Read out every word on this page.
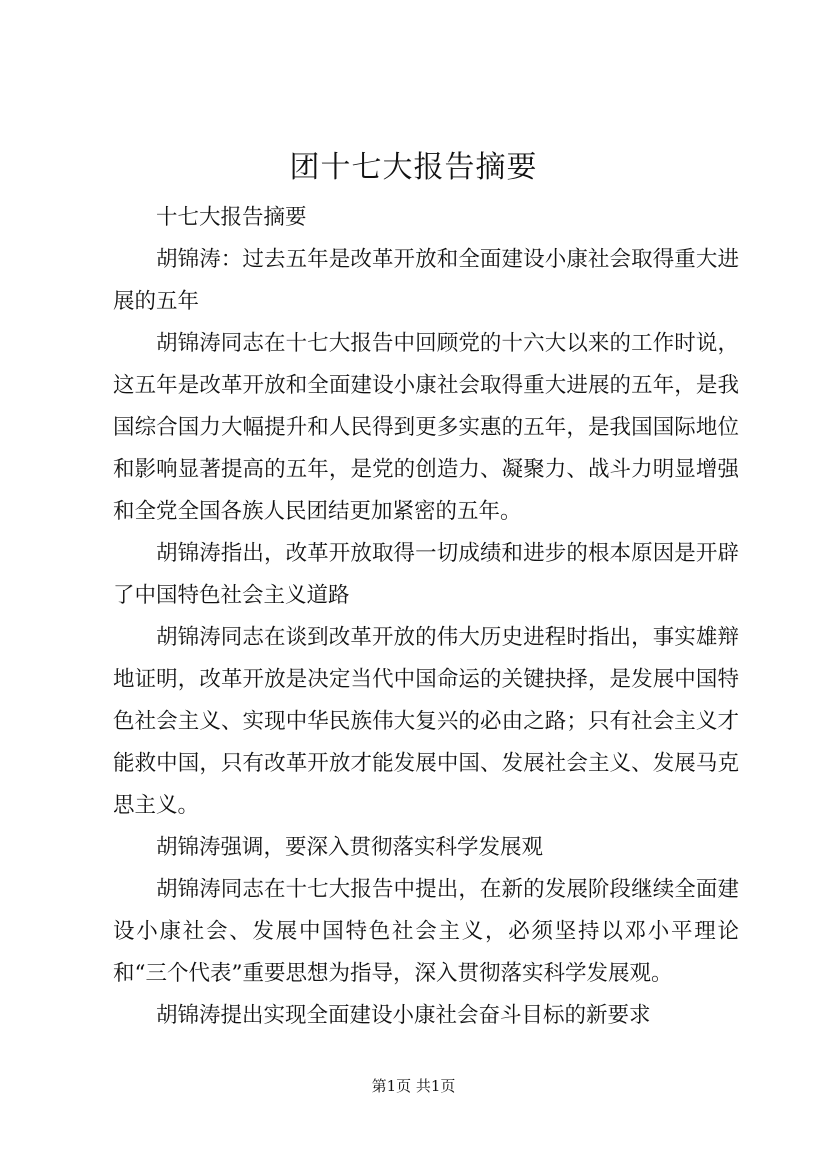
团十七大报告摘要

十七大报告摘要

胡锦涛：过去五年是改革开放和全面建设小康社会取得重大进展的五年

胡锦涛同志在十七大报告中回顾党的十六大以来的工作时说，这五年是改革开放和全面建设小康社会取得重大进展的五年，是我国综合国力大幅提升和人民得到更多实惠的五年，是我国国际地位和影响显著提高的五年，是党的创造力、凝聚力、战斗力明显增强和全党全国各族人民团结更加紧密的五年。

胡锦涛指出，改革开放取得一切成绩和进步的根本原因是开辟了中国特色社会主义道路

胡锦涛同志在谈到改革开放的伟大历史进程时指出，事实雄辩地证明，改革开放是决定当代中国命运的关键抉择，是发展中国特色社会主义、实现中华民族伟大复兴的必由之路；只有社会主义才能救中国，只有改革开放才能发展中国、发展社会主义、发展马克思主义。

胡锦涛强调，要深入贯彻落实科学发展观

胡锦涛同志在十七大报告中提出，在新的发展阶段继续全面建设小康社会、发展中国特色社会主义，必须坚持以邓小平理论和“三个代表”重要思想为指导，深入贯彻落实科学发展观。

胡锦涛提出实现全面建设小康社会奋斗目标的新要求

第1页 共1页
